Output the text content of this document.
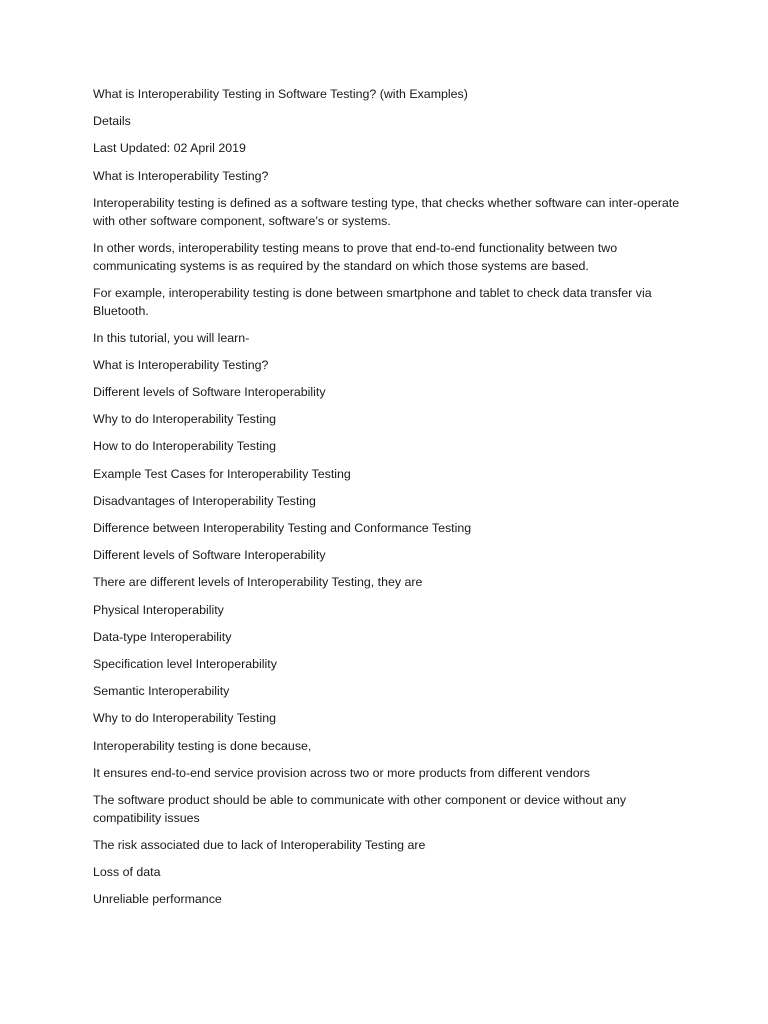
What is Interoperability Testing in Software Testing? (with Examples)

Details

Last Updated: 02 April 2019

What is Interoperability Testing?

Interoperability testing is defined as a software testing type, that checks whether software can inter-operate with other software component, software's or systems.

In other words, interoperability testing means to prove that end-to-end functionality between two communicating systems is as required by the standard on which those systems are based.

For example, interoperability testing is done between smartphone and tablet to check data transfer via Bluetooth.

In this tutorial, you will learn-

What is Interoperability Testing?

Different levels of Software Interoperability

Why to do Interoperability Testing

How to do Interoperability Testing

Example Test Cases for Interoperability Testing

Disadvantages of Interoperability Testing

Difference between Interoperability Testing and Conformance Testing

Different levels of Software Interoperability

There are different levels of Interoperability Testing, they are

Physical Interoperability

Data-type Interoperability

Specification level Interoperability

Semantic Interoperability

Why to do Interoperability Testing

Interoperability testing is done because,

It ensures end-to-end service provision across two or more products from different vendors

The software product should be able to communicate with other component or device without any compatibility issues

The risk associated due to lack of Interoperability Testing are

Loss of data

Unreliable performance
